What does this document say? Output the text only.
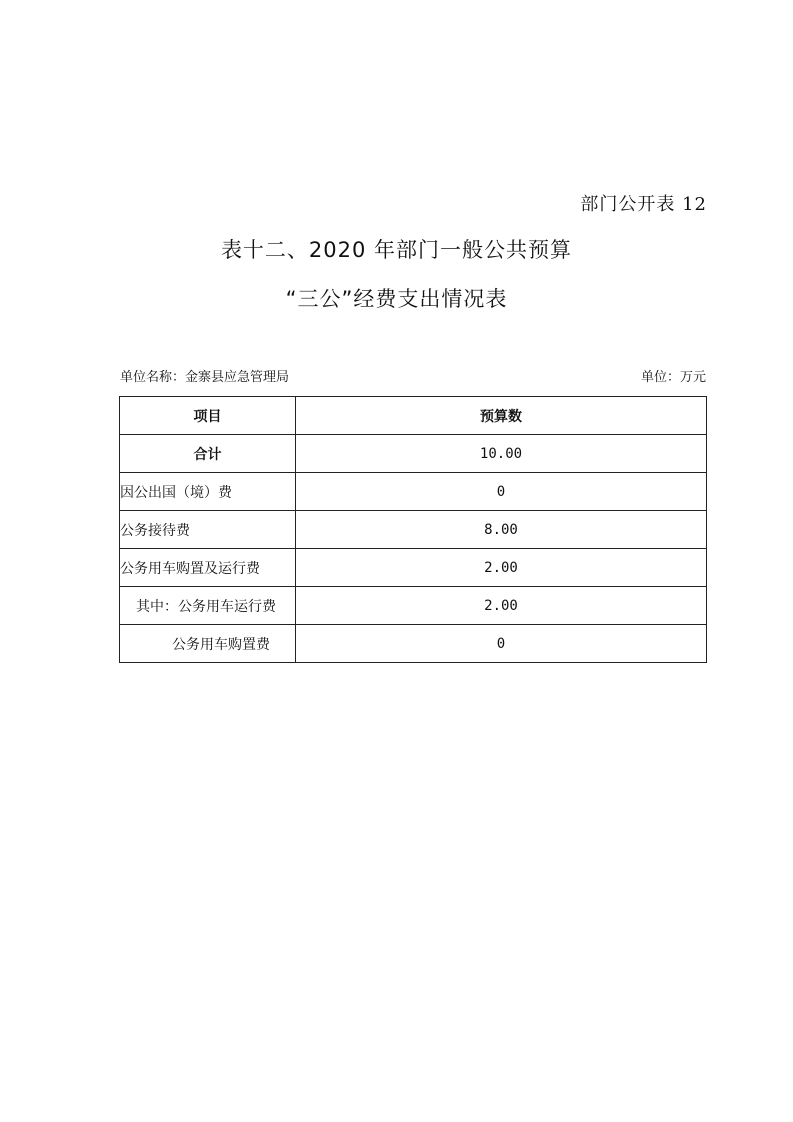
部门公开表 12
表十二、2020 年部门一般公共预算
“三公”经费支出情况表
单位名称：金寨县应急管理局	单位：万元
项目	预算数
合计	10.00
因公出国（境）费	0
公务接待费	8.00
公务用车购置及运行费	2.00
其中：公务用车运行费	2.00
公务用车购置费	0
